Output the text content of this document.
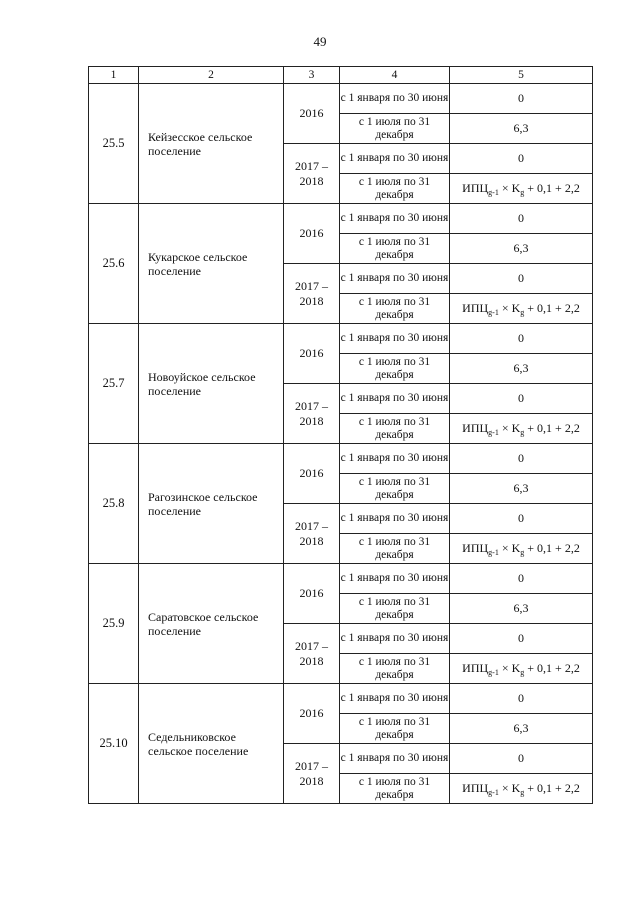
49
1	2	3	4	5
25.5	Кейзесское сельское поселение	2016	с 1 января по 30 июня	0
			с 1 июля по 31 декабря	6,3
		2017 – 2018	с 1 января по 30 июня	0
			с 1 июля по 31 декабря	$ИПЦ_{g-1} \times K_g + 0,1 + 2,2$
25.6	Кукарское сельское поселение	2016	с 1 января по 30 июня	0
			с 1 июля по 31 декабря	6,3
		2017 – 2018	с 1 января по 30 июня	0
			с 1 июля по 31 декабря	$ИПЦ_{g-1} \times K_g + 0,1 + 2,2$
25.7	Новоуйское сельское поселение	2016	с 1 января по 30 июня	0
			с 1 июля по 31 декабря	6,3
		2017 – 2018	с 1 января по 30 июня	0
			с 1 июля по 31 декабря	$ИПЦ_{g-1} \times K_g + 0,1 + 2,2$
25.8	Рагозинское сельское поселение	2016	с 1 января по 30 июня	0
			с 1 июля по 31 декабря	6,3
		2017 – 2018	с 1 января по 30 июня	0
			с 1 июля по 31 декабря	$ИПЦ_{g-1} \times K_g + 0,1 + 2,2$
25.9	Саратовское сельское поселение	2016	с 1 января по 30 июня	0
			с 1 июля по 31 декабря	6,3
		2017 – 2018	с 1 января по 30 июня	0
			с 1 июля по 31 декабря	$ИПЦ_{g-1} \times K_g + 0,1 + 2,2$
25.10	Седельниковское сельское поселение	2016	с 1 января по 30 июня	0
			с 1 июля по 31 декабря	6,3
		2017 – 2018	с 1 января по 30 июня	0
			с 1 июля по 31 декабря	$ИПЦ_{g-1} \times K_g + 0,1 + 2,2$
